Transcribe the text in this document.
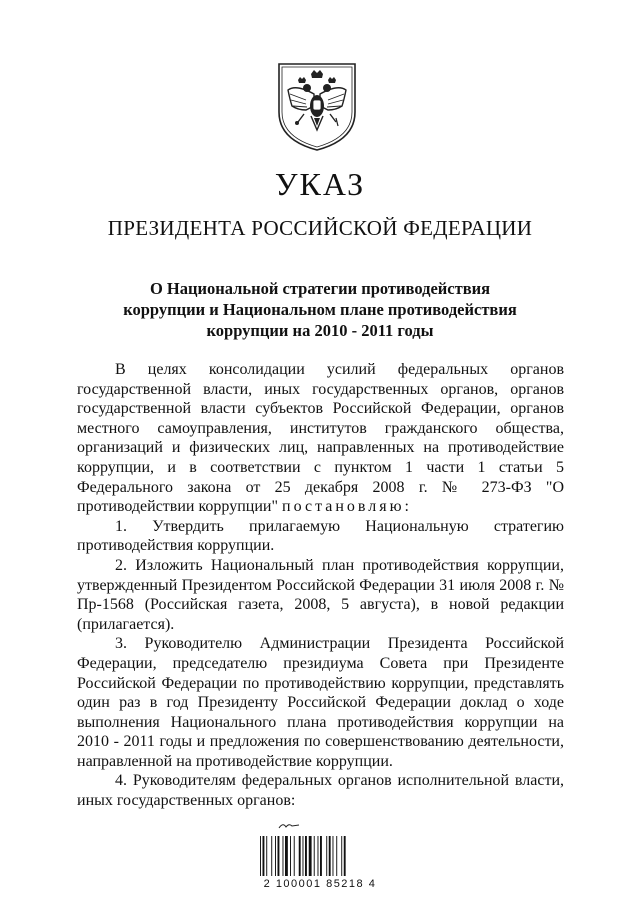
УКАЗ
ПРЕЗИДЕНТА РОССИЙСКОЙ ФЕДЕРАЦИИ
О Национальной стратегии противодействия
коррупции и Национальном плане противодействия
коррупции на 2010 - 2011 годы

В целях консолидации усилий федеральных органов государственной власти, иных государственных органов, органов государственной власти субъектов Российской Федерации, органов местного самоуправления, институтов гражданского общества, организаций и физических лиц, направленных на противодействие коррупции, и в соответствии с пунктом 1 части 1 статьи 5 Федерального закона от 25 декабря 2008 г. № 273-ФЗ "О противодействии коррупции" постановляю:

1. Утвердить прилагаемую Национальную стратегию противодействия коррупции.

2. Изложить Национальный план противодействия коррупции, утвержденный Президентом Российской Федерации 31 июля 2008 г. № Пр-1568 (Российская газета, 2008, 5 августа), в новой редакции (прилагается).

3. Руководителю Администрации Президента Российской Федерации, председателю президиума Совета при Президенте Российской Федерации по противодействию коррупции, представлять один раз в год Президенту Российской Федерации доклад о ходе выполнения Национального плана противодействия коррупции на 2010 - 2011 годы и предложения по совершенствованию деятельности, направленной на противодействие коррупции.

4. Руководителям федеральных органов исполнительной власти, иных государственных органов:

2 100001 85218 4
